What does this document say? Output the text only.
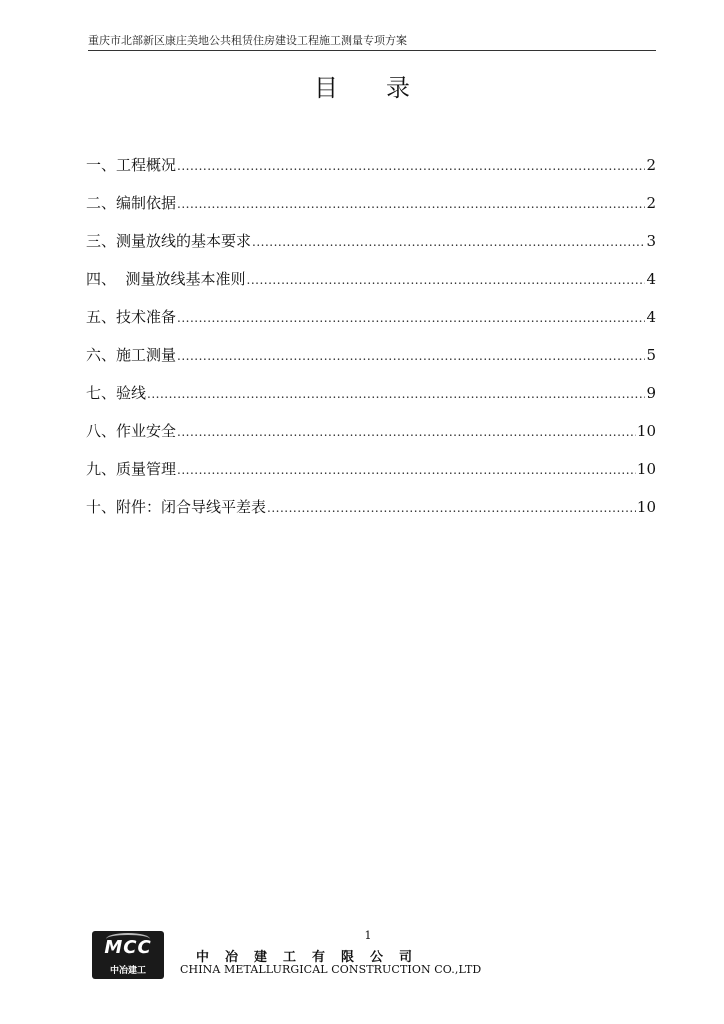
重庆市北部新区康庄美地公共租赁住房建设工程施工测量专项方案
目 录
一、工程概况 .....	2
二、编制依据 .....	2
三、测量放线的基本要求 .....	3
四、  测量放线基本准则 .....	4
五、技术准备 .....	4
六、施工测量 .....	5
七、验线 .....	9
八、作业安全 .....	10
九、质量管理 .....	10
十、附件：闭合导线平差表 .....	10
1
MCC
中冶建工
中冶建工有限公司
CHINA METALLURGICAL CONSTRUCTION CO.,LTD
